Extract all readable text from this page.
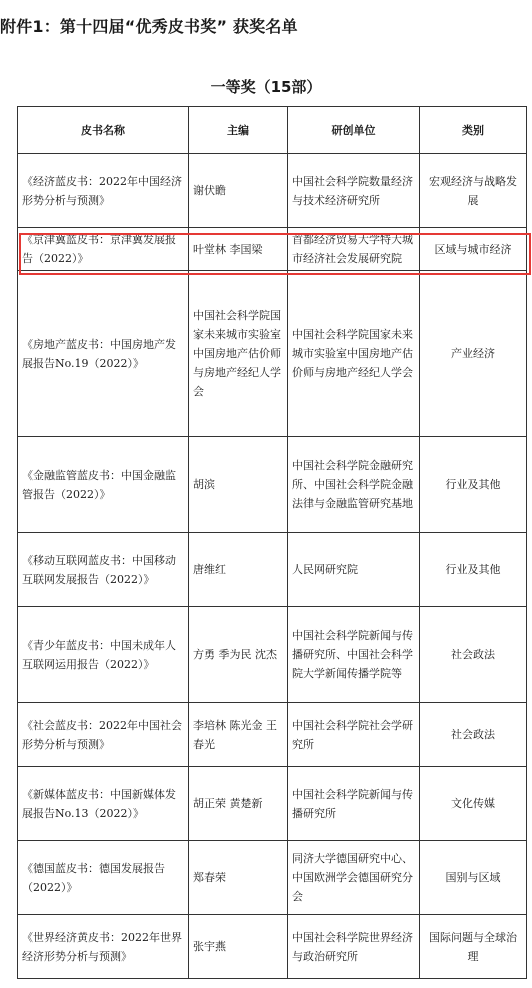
附件1：第十四届“优秀皮书奖” 获奖名单
一等奖（15部）
皮书名称	主编	研创单位	类别
《经济蓝皮书：2022年中国经济形势分析与预测》	谢伏瞻	中国社会科学院数量经济与技术经济研究所	宏观经济与战略发展
《京津冀蓝皮书：京津冀发展报告（2022）》	叶堂林 李国梁	首都经济贸易大学特大城市经济社会发展研究院	区域与城市经济
《房地产蓝皮书：中国房地产发展报告No.19（2022）》	中国社会科学院国家未来城市实验室 中国房地产估价师与房地产经纪人学会	中国社会科学院国家未来城市实验室中国房地产估价师与房地产经纪人学会	产业经济
《金融监管蓝皮书：中国金融监管报告（2022）》	胡滨	中国社会科学院金融研究所、中国社会科学院金融法律与金融监管研究基地	行业及其他
《移动互联网蓝皮书：中国移动互联网发展报告（2022）》	唐维红	人民网研究院	行业及其他
《青少年蓝皮书：中国未成年人互联网运用报告（2022）》	方勇 季为民 沈杰	中国社会科学院新闻与传播研究所、中国社会科学院大学新闻传播学院等	社会政法
《社会蓝皮书：2022年中国社会形势分析与预测》	李培林 陈光金 王春光	中国社会科学院社会学研究所	社会政法
《新媒体蓝皮书：中国新媒体发展报告No.13（2022）》	胡正荣 黄楚新	中国社会科学院新闻与传播研究所	文化传媒
《德国蓝皮书：德国发展报告（2022）》	郑春荣	同济大学德国研究中心、中国欧洲学会德国研究分会	国别与区域
《世界经济黄皮书：2022年世界经济形势分析与预测》	张宇燕	中国社会科学院世界经济与政治研究所	国际问题与全球治理
